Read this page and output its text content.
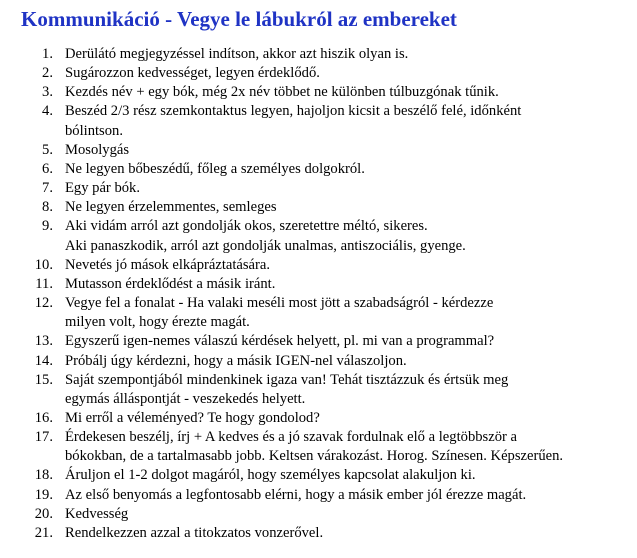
Kommunikáció - Vegye le lábukról az embereket
1. Derülátó megjegyzéssel indítson, akkor azt hiszik olyan is.
2. Sugározzon kedvességet, legyen érdeklődő.
3. Kezdés név + egy bók, még 2x név többet ne különben túlbuzgónak tűnik.
4. Beszéd 2/3 rész szemkontaktus legyen, hajoljon kicsit a beszélő felé, időnként
bólintson.
5. Mosolygás
6. Ne legyen bőbeszédű, főleg a személyes dolgokról.
7. Egy pár bók.
8. Ne legyen érzelemmentes, semleges
9. Aki vidám arról azt gondolják okos, szeretettre méltó, sikeres.
Aki panaszkodik, arról azt gondolják unalmas, antiszociális, gyenge.
10. Nevetés jó mások elkápráztatására.
11. Mutasson érdeklődést a másik iránt.
12. Vegye fel a fonalat - Ha valaki meséli most jött a szabadságról - kérdezze
milyen volt, hogy érezte magát.
13. Egyszerű igen-nemes válaszú kérdések helyett, pl. mi van a programmal?
14. Próbálj úgy kérdezni, hogy a másik IGEN-nel válaszoljon.
15. Saját szempontjából mindenkinek igaza van! Tehát tisztázzuk és értsük meg
egymás álláspontját - veszekedés helyett.
16. Mi erről a véleményed? Te hogy gondolod?
17. Érdekesen beszélj, írj + A kedves és a jó szavak fordulnak elő a legtöbbször a
bókokban, de a tartalmasabb jobb. Keltsen várakozást. Horog. Színesen. Képszerűen.
18. Áruljon el 1-2 dolgot magáról, hogy személyes kapcsolat alakuljon ki.
19. Az első benyomás a legfontosabb elérni, hogy a másik ember jól érezze magát.
20. Kedvesség
21. Rendelkezzen azzal a titokzatos vonzerővel.
